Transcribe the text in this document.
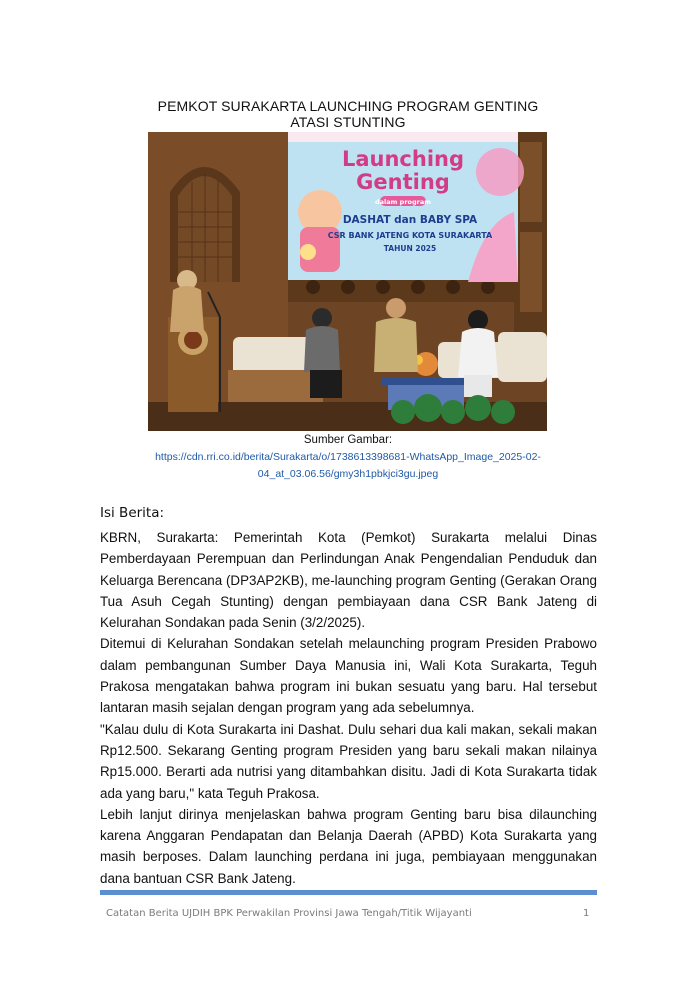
PEMKOT SURAKARTA LAUNCHING PROGRAM GENTING
ATASI STUNTING
Launching
Genting
dalam program
DASHAT dan BABY SPA
CSR BANK JATENG KOTA SURAKARTA
TAHUN 2025
Sumber Gambar:
https://cdn.rri.co.id/berita/Surakarta/o/1738613398681-WhatsApp_Image_2025-02-
04_at_03.06.56/gmy3h1pbkjci3gu.jpeg
Isi Berita:

KBRN, Surakarta: Pemerintah Kota (Pemkot) Surakarta melalui Dinas Pemberdayaan Perempuan dan Perlindungan Anak Pengendalian Penduduk dan Keluarga Berencana (DP3AP2KB), me-launching program Genting (Gerakan Orang Tua Asuh Cegah Stunting) dengan pembiayaan dana CSR Bank Jateng di Kelurahan Sondakan pada Senin (3/2/2025).

Ditemui di Kelurahan Sondakan setelah melaunching program Presiden Prabowo dalam pembangunan Sumber Daya Manusia ini, Wali Kota Surakarta, Teguh Prakosa mengatakan bahwa program ini bukan sesuatu yang baru. Hal tersebut lantaran masih sejalan dengan program yang ada sebelumnya.

"Kalau dulu di Kota Surakarta ini Dashat. Dulu sehari dua kali makan, sekali makan Rp12.500. Sekarang Genting program Presiden yang baru sekali makan nilainya Rp15.000. Berarti ada nutrisi yang ditambahkan disitu. Jadi di Kota Surakarta tidak ada yang baru," kata Teguh Prakosa.

Lebih lanjut dirinya menjelaskan bahwa program Genting baru bisa dilaunching karena Anggaran Pendapatan dan Belanja Daerah (APBD) Kota Surakarta yang masih berposes. Dalam launching perdana ini juga, pembiayaan menggunakan dana bantuan CSR Bank Jateng.

Catatan Berita UJDIH BPK Perwakilan Provinsi Jawa Tengah/Titik Wijayanti	1
